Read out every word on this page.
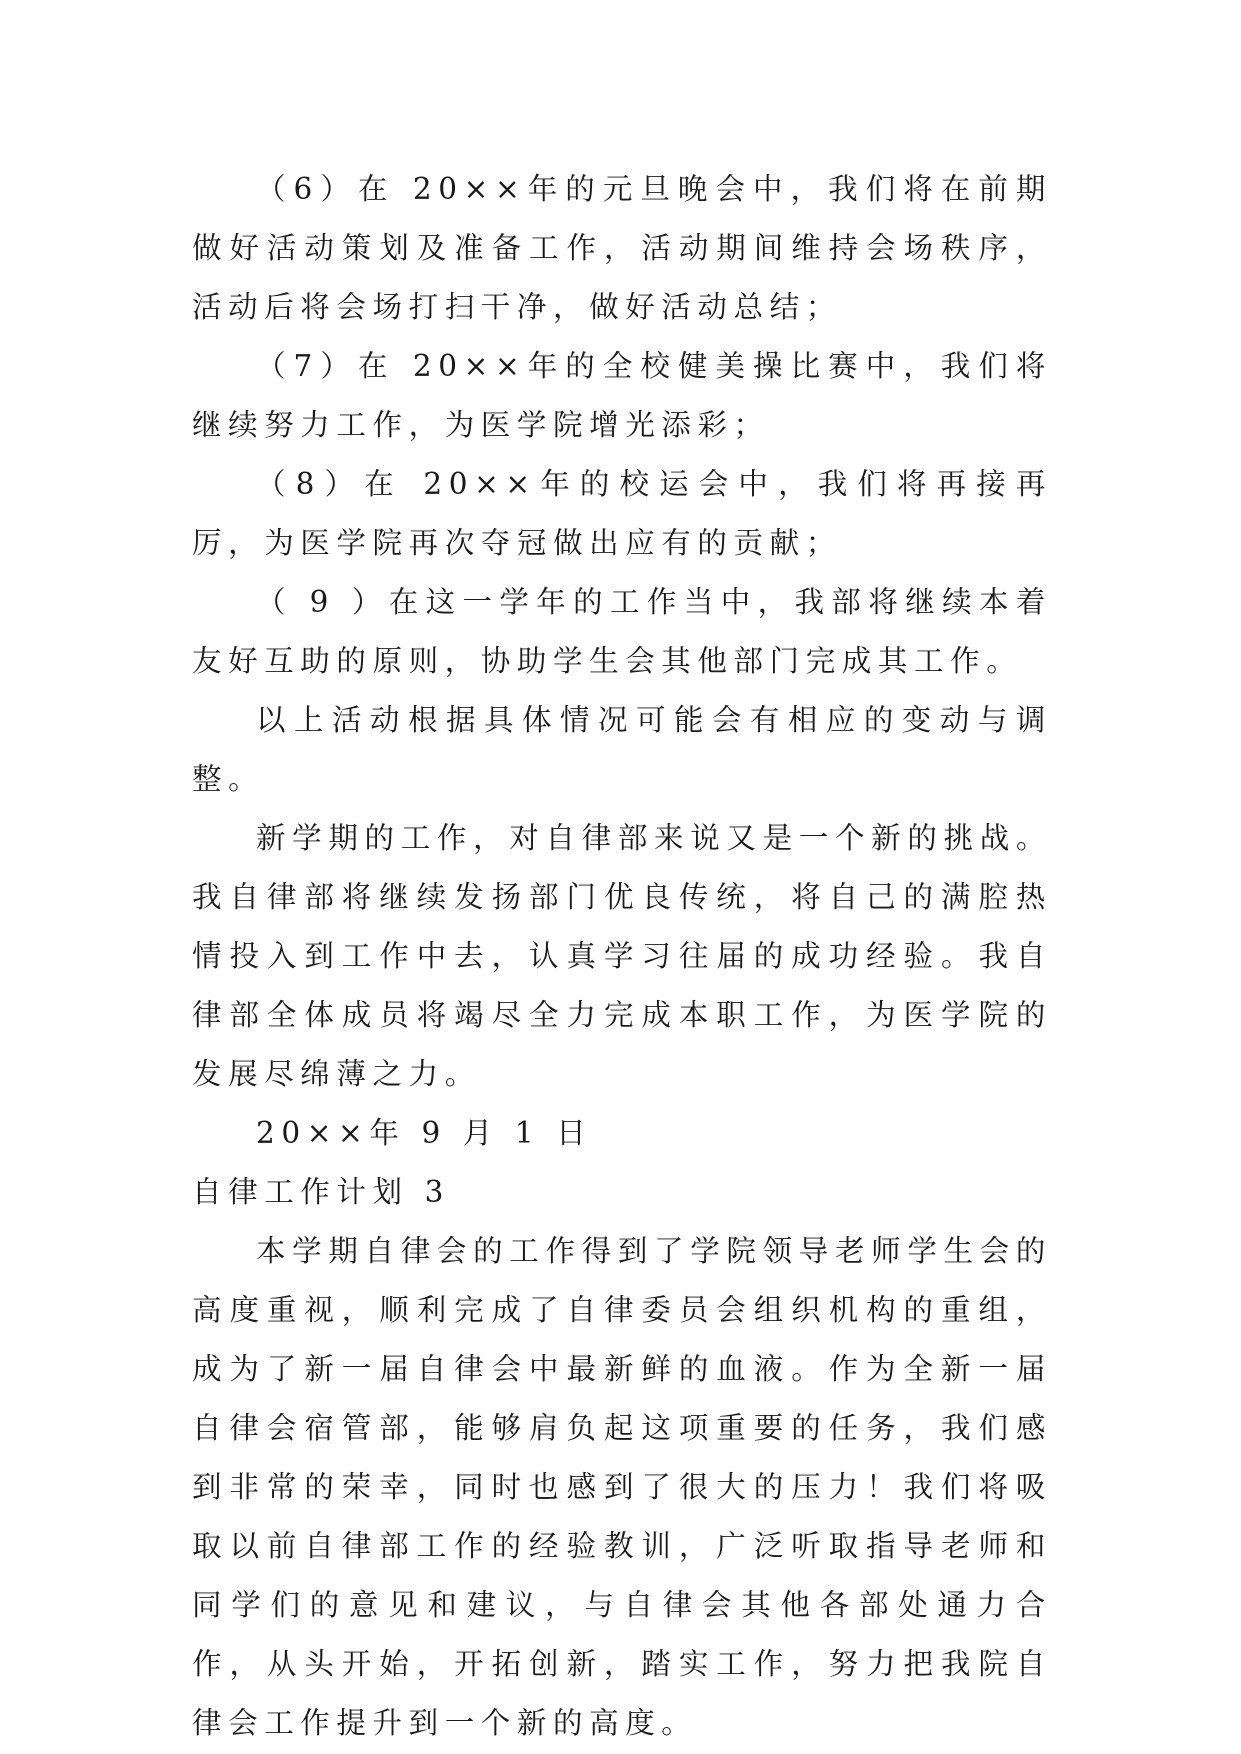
（6）在 20××年的元旦晚会中，我们将在前期做好活动策划及准备工作，活动期间维持会场秩序，活动后将会场打扫干净，做好活动总结；

（7）在 20××年的全校健美操比赛中，我们将继续努力工作，为医学院增光添彩；

（8）在 20××年的校运会中，我们将再接再厉，为医学院再次夺冠做出应有的贡献；

（ 9 ）在这一学年的工作当中，我部将继续本着友好互助的原则，协助学生会其他部门完成其工作。

以上活动根据具体情况可能会有相应的变动与调整。

新学期的工作，对自律部来说又是一个新的挑战。我自律部将继续发扬部门优良传统，将自己的满腔热情投入到工作中去，认真学习往届的成功经验。我自律部全体成员将竭尽全力完成本职工作，为医学院的发展尽绵薄之力。

20××年 9 月 1 日

自律工作计划 3

本学期自律会的工作得到了学院领导老师学生会的高度重视，顺利完成了自律委员会组织机构的重组，成为了新一届自律会中最新鲜的血液。作为全新一届自律会宿管部，能够肩负起这项重要的任务，我们感到非常的荣幸，同时也感到了很大的压力！我们将吸取以前自律部工作的经验教训，广泛听取指导老师和同学们的意见和建议，与自律会其他各部处通力合作，从头开始，开拓创新，踏实工作，努力把我院自律会工作提升到一个新的高度。
